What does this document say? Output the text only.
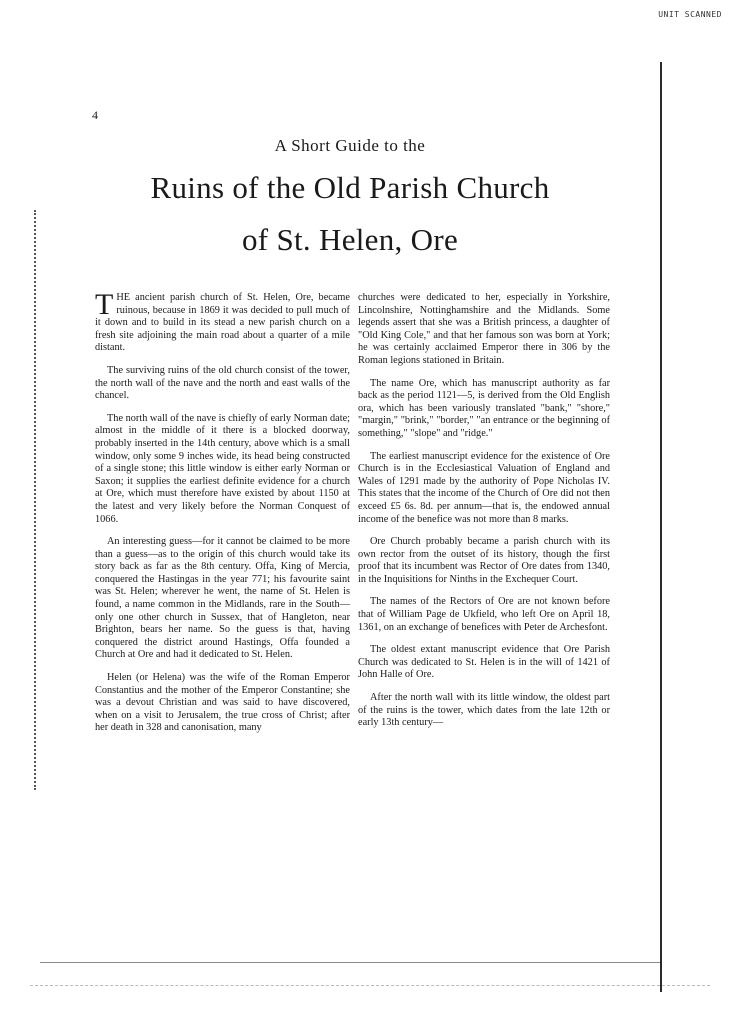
UNIT SCANNED
4
A Short Guide to the
Ruins of the Old Parish Church
of St. Helen, Ore

THE ancient parish church of St. Helen, Ore, became ruinous, because in 1869 it was decided to pull much of it down and to build in its stead a new parish church on a fresh site adjoining the main road about a quarter of a mile distant.

The surviving ruins of the old church consist of the tower, the north wall of the nave and the north and east walls of the chancel.

The north wall of the nave is chiefly of early Norman date; almost in the middle of it there is a blocked doorway, probably inserted in the 14th century, above which is a small window, only some 9 inches wide, its head being constructed of a single stone; this little window is either early Norman or Saxon; it supplies the earliest definite evidence for a church at Ore, which must therefore have existed by about 1150 at the latest and very likely before the Norman Conquest of 1066.

An interesting guess—for it cannot be claimed to be more than a guess—as to the origin of this church would take its story back as far as the 8th century. Offa, King of Mercia, conquered the Hastingas in the year 771; his favourite saint was St. Helen; wherever he went, the name of St. Helen is found, a name common in the Midlands, rare in the South—only one other church in Sussex, that of Hangleton, near Brighton, bears her name. So the guess is that, having conquered the district around Hastings, Offa founded a Church at Ore and had it dedicated to St. Helen.

Helen (or Helena) was the wife of the Roman Emperor Constantius and the mother of the Emperor Constantine; she was a devout Christian and was said to have discovered, when on a visit to Jerusalem, the true cross of Christ; after her death in 328 and canonisation, many

churches were dedicated to her, especially in Yorkshire, Lincolnshire, Nottinghamshire and the Midlands. Some legends assert that she was a British princess, a daughter of "Old King Cole," and that her famous son was born at York; he was certainly acclaimed Emperor there in 306 by the Roman legions stationed in Britain.

The name Ore, which has manuscript authority as far back as the period 1121—5, is derived from the Old English ora, which has been variously translated "bank," "shore," "margin," "brink," "border," "an entrance or the beginning of something," "slope" and "ridge."

The earliest manuscript evidence for the existence of Ore Church is in the Ecclesiastical Valuation of England and Wales of 1291 made by the authority of Pope Nicholas IV. This states that the income of the Church of Ore did not then exceed £5 6s. 8d. per annum—that is, the endowed annual income of the benefice was not more than 8 marks.

Ore Church probably became a parish church with its own rector from the outset of its history, though the first proof that its incumbent was Rector of Ore dates from 1340, in the Inquisitions for Ninths in the Exchequer Court.

The names of the Rectors of Ore are not known before that of William Page de Ukfield, who left Ore on April 18, 1361, on an exchange of benefices with Peter de Archesfont.

The oldest extant manuscript evidence that Ore Parish Church was dedicated to St. Helen is in the will of 1421 of John Halle of Ore.

After the north wall with its little window, the oldest part of the ruins is the tower, which dates from the late 12th or early 13th century—
